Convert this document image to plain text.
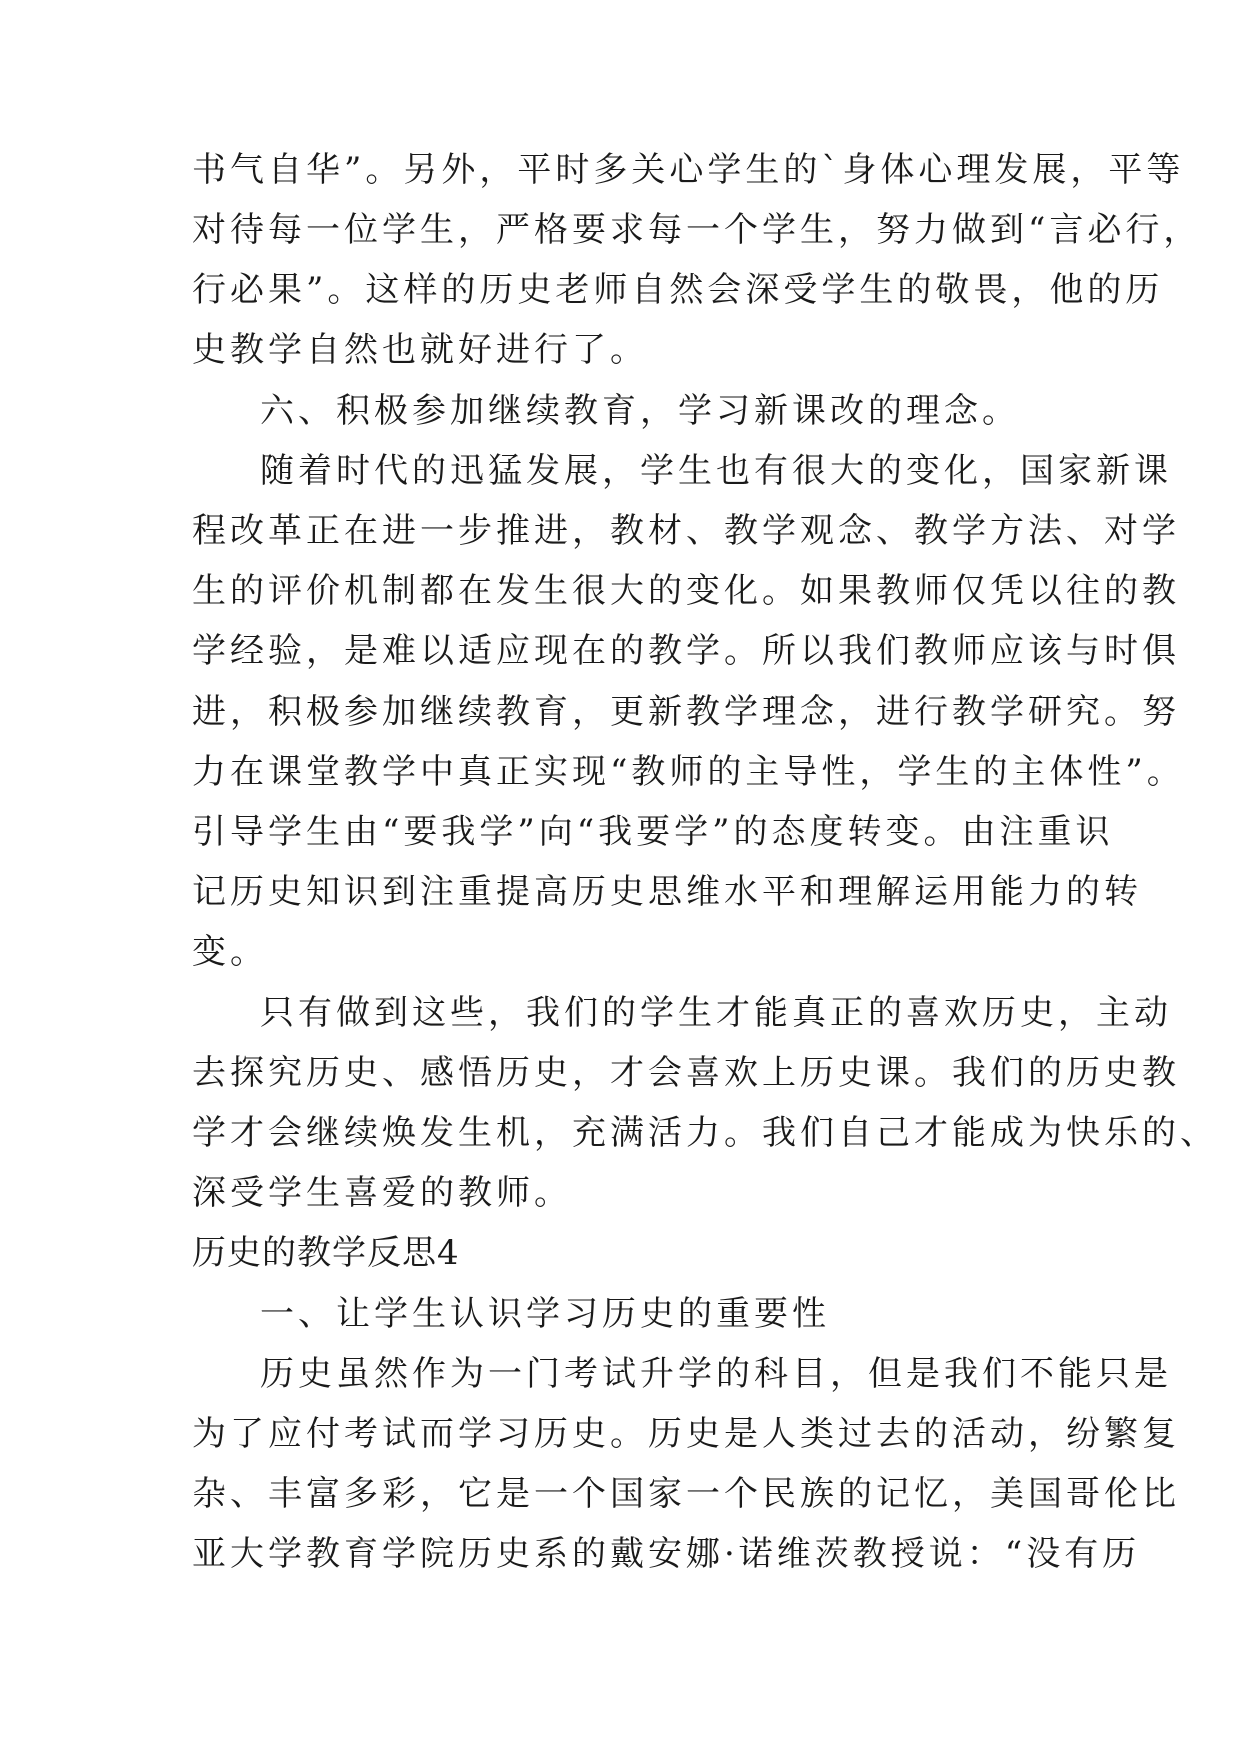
书气自华”。另外，平时多关心学生的`身体心理发展，平等
对待每一位学生，严格要求每一个学生，努力做到“言必行，
行必果”。这样的历史老师自然会深受学生的敬畏，他的历
史教学自然也就好进行了。
六、积极参加继续教育，学习新课改的理念。
随着时代的迅猛发展，学生也有很大的变化，国家新课
程改革正在进一步推进，教材、教学观念、教学方法、对学
生的评价机制都在发生很大的变化。如果教师仅凭以往的教
学经验，是难以适应现在的教学。所以我们教师应该与时俱
进，积极参加继续教育，更新教学理念，进行教学研究。努
力在课堂教学中真正实现“教师的主导性，学生的主体性”。
引导学生由“要我学”向“我要学”的态度转变。由注重识
记历史知识到注重提高历史思维水平和理解运用能力的转
变。
只有做到这些，我们的学生才能真正的喜欢历史，主动
去探究历史、感悟历史，才会喜欢上历史课。我们的历史教
学才会继续焕发生机，充满活力。我们自己才能成为快乐的、
深受学生喜爱的教师。
历史的教学反思4
一、让学生认识学习历史的重要性
历史虽然作为一门考试升学的科目，但是我们不能只是
为了应付考试而学习历史。历史是人类过去的活动，纷繁复
杂、丰富多彩，它是一个国家一个民族的记忆，美国哥伦比
亚大学教育学院历史系的戴安娜·诺维茨教授说：“没有历
